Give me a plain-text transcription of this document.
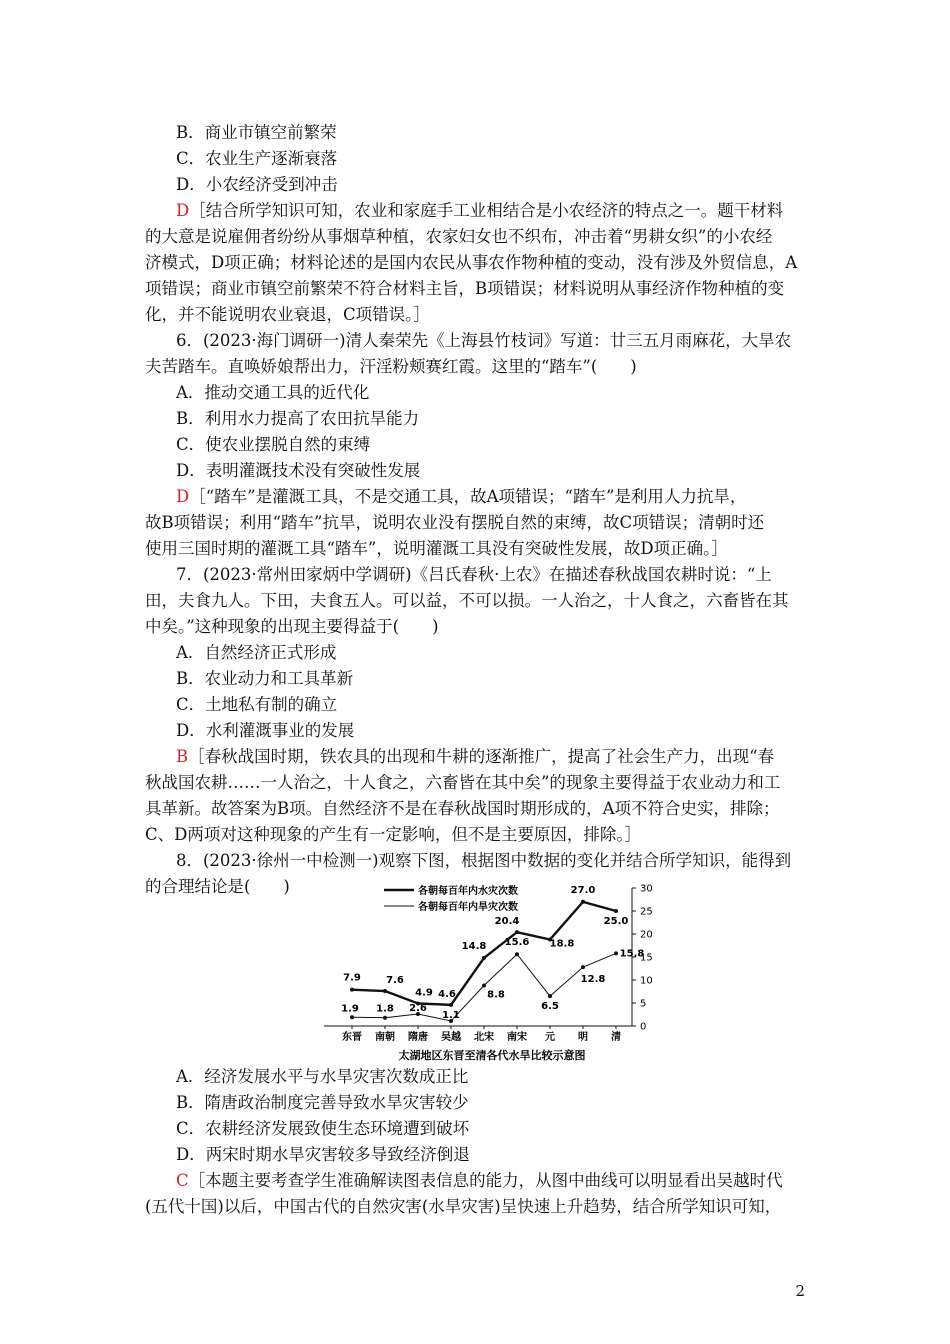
B．商业市镇空前繁荣
C．农业生产逐渐衰落
D．小农经济受到冲击
D［结合所学知识可知，农业和家庭手工业相结合是小农经济的特点之一。题干材料
的大意是说雇佣者纷纷从事烟草种植，农家妇女也不织布，冲击着“男耕女织”的小农经
济模式，D项正确；材料论述的是国内农民从事农作物种植的变动，没有涉及外贸信息，A
项错误；商业市镇空前繁荣不符合材料主旨，B项错误；材料说明从事经济作物种植的变
化，并不能说明农业衰退，C项错误。］
6．(2023·海门调研一)清人秦荣先《上海县竹枝词》写道：廿三五月雨麻花，大旱农
夫苦踏车。直唤娇娘帮出力，汗淫粉颊赛红霞。这里的“踏车”(　　)
A．推动交通工具的近代化
B．利用水力提高了农田抗旱能力
C．使农业摆脱自然的束缚
D．表明灌溉技术没有突破性发展
D［“踏车”是灌溉工具，不是交通工具，故A项错误；“踏车”是利用人力抗旱，
故B项错误；利用“踏车”抗旱，说明农业没有摆脱自然的束缚，故C项错误；清朝时还
使用三国时期的灌溉工具“踏车”，说明灌溉工具没有突破性发展，故D项正确。］
7．(2023·常州田家炳中学调研)《吕氏春秋·上农》在描述春秋战国农耕时说：“上
田，夫食九人。下田，夫食五人。可以益，不可以损。一人治之，十人食之，六畜皆在其
中矣。”这种现象的出现主要得益于(　　)
A．自然经济正式形成
B．农业动力和工具革新
C．土地私有制的确立
D．水利灌溉事业的发展
B［春秋战国时期，铁农具的出现和牛耕的逐渐推广，提高了社会生产力，出现“春
秋战国农耕……一人治之，十人食之，六畜皆在其中矣”的现象主要得益于农业动力和工
具革新。故答案为B项。自然经济不是在春秋战国时期形成的，A项不符合史实，排除；
C、D两项对这种现象的产生有一定影响，但不是主要原因，排除。］
8．(2023·徐州一中检测一)观察下图，根据图中数据的变化并结合所学知识，能得到
的合理结论是(　　)
0
5
10
15
20
25
30
东晋 南朝 隋唐 吴越 北宋 南宋 元 明 清
各朝每百年内水灾次数
各朝每百年内旱灾次数
7.9	7.6
4.9 4.6
14.8
20.4
18.8
27.0
25.0
1.9 1.8 2.6
1.1
8.8
15.6
6.5
12.8
15.8
太湖地区东晋至清各代水旱比较示意图
A．经济发展水平与水旱灾害次数成正比
B．隋唐政治制度完善导致水旱灾害较少
C．农耕经济发展致使生态环境遭到破坏
D．两宋时期水旱灾害较多导致经济倒退
C［本题主要考查学生准确解读图表信息的能力，从图中曲线可以明显看出吴越时代
(五代十国)以后，中国古代的自然灾害(水旱灾害)呈快速上升趋势，结合所学知识可知，
2
